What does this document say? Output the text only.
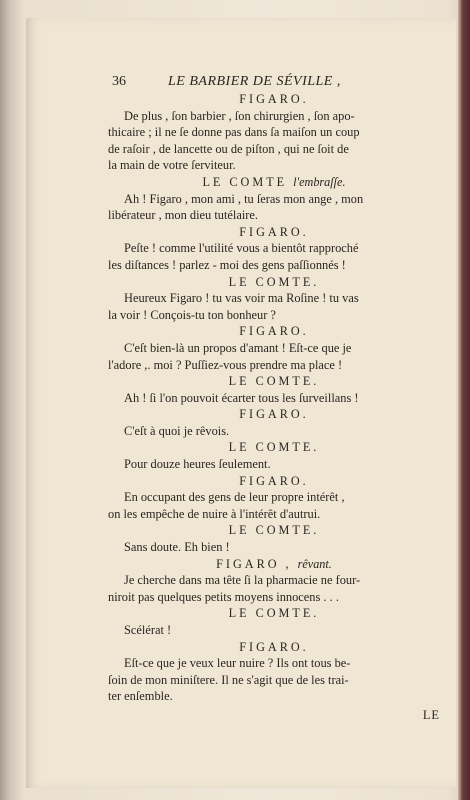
36	LE BARBIER DE SÉVILLE ,
FIGARO.
De plus , ſon barbier , ſon chirurgien , ſon apo-
thicaire ; il ne ſe donne pas dans ſa maiſon un coup
de raſoir , de lancette ou de piſton , qui ne ſoit de
la main de votre ſerviteur.
LE COMTE l'embraſſe.
Ah ! Figaro , mon ami , tu ſeras mon ange , mon
libérateur , mon dieu tutélaire.
FIGARO.
Peſte ! comme l'utilité vous a bientôt rapproché
les diſtances ! parlez - moi des gens paſſionnés !
LE COMTE.
Heureux Figaro ! tu vas voir ma Roſine ! tu vas
la voir ! Conçois-tu ton bonheur ?
FIGARO.
C'eſt bien-là un propos d'amant ! Eſt-ce que je
l'adore ,. moi ? Puſſiez-vous prendre ma place !
LE COMTE.
Ah ! ſi l'on pouvoit écarter tous les ſurveillans !
FIGARO.
C'eſt à quoi je rêvois.
LE COMTE.
Pour douze heures ſeulement.
FIGARO.
En occupant des gens de leur propre intérêt ,
on les empêche de nuire à l'intérêt d'autrui.
LE COMTE.
Sans doute. Eh bien !
FIGARO , rêvant.
Je cherche dans ma tête ſi la pharmacie ne four-
niroit pas quelques petits moyens innocens . . .
LE COMTE.
Scélérat !
FIGARO.
Eſt-ce que je veux leur nuire ? Ils ont tous be-
ſoin de mon miniſtere. Il ne s'agit que de les trai-
ter enſemble.
LE
